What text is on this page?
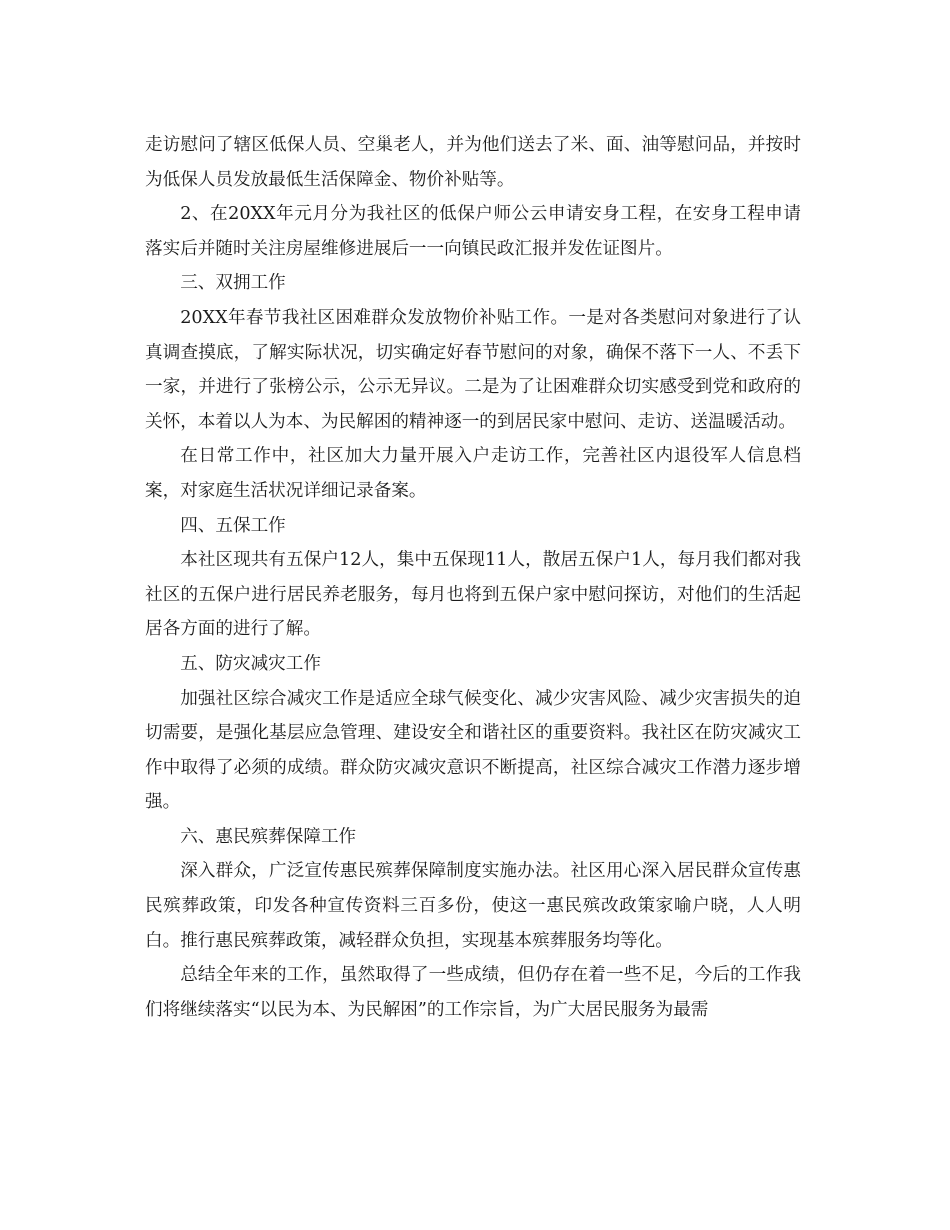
走访慰问了辖区低保人员、空巢老人，并为他们送去了米、面、油等慰问品，并按时为低保人员发放最低生活保障金、物价补贴等。

2、在20XX年元月分为我社区的低保户师公云申请安身工程，在安身工程申请落实后并随时关注房屋维修进展后一一向镇民政汇报并发佐证图片。

三、双拥工作

20XX年春节我社区困难群众发放物价补贴工作。一是对各类慰问对象进行了认真调查摸底，了解实际状况，切实确定好春节慰问的对象，确保不落下一人、不丢下一家，并进行了张榜公示，公示无异议。二是为了让困难群众切实感受到党和政府的关怀，本着以人为本、为民解困的精神逐一的到居民家中慰问、走访、送温暖活动。

在日常工作中，社区加大力量开展入户走访工作，完善社区内退役军人信息档案，对家庭生活状况详细记录备案。

四、五保工作

本社区现共有五保户12人，集中五保现11人，散居五保户1人，每月我们都对我社区的五保户进行居民养老服务，每月也将到五保户家中慰问探访，对他们的生活起居各方面的进行了解。

五、防灾减灾工作

加强社区综合减灾工作是适应全球气候变化、减少灾害风险、减少灾害损失的迫切需要，是强化基层应急管理、建设安全和谐社区的重要资料。我社区在防灾减灾工作中取得了必须的成绩。群众防灾减灾意识不断提高，社区综合减灾工作潜力逐步增强。

六、惠民殡葬保障工作

深入群众，广泛宣传惠民殡葬保障制度实施办法。社区用心深入居民群众宣传惠民殡葬政策，印发各种宣传资料三百多份，使这一惠民殡改政策家喻户晓，人人明白。推行惠民殡葬政策，减轻群众负担，实现基本殡葬服务均等化。

总结全年来的工作，虽然取得了一些成绩，但仍存在着一些不足，今后的工作我们将继续落实“以民为本、为民解困”的工作宗旨，为广大居民服务为最需
